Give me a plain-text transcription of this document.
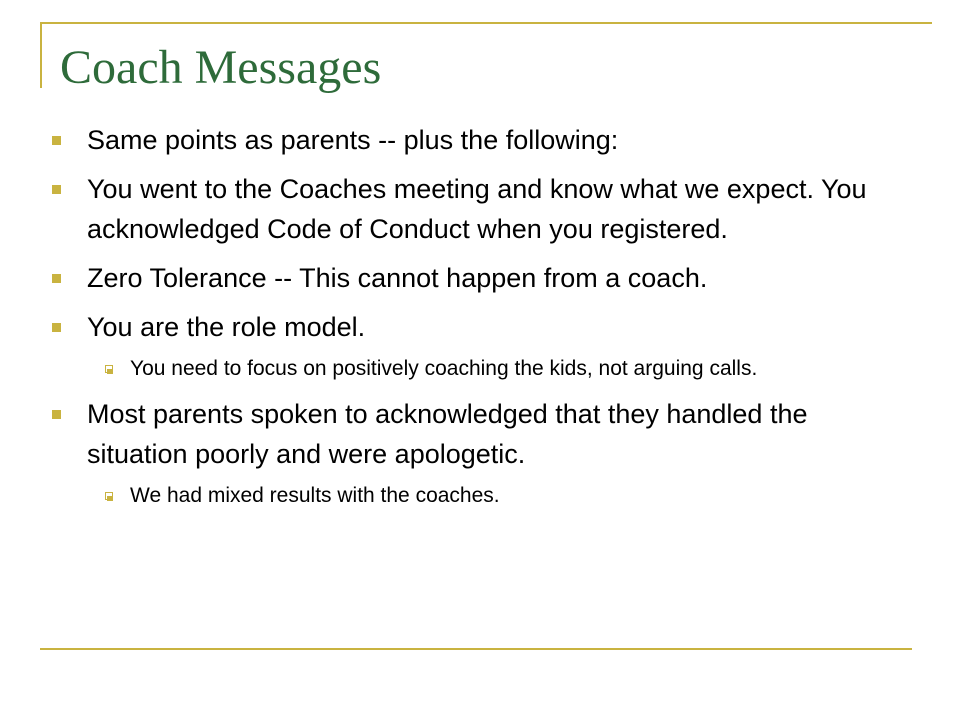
Coach Messages
Same points as parents -- plus the following:
You went to the Coaches meeting and know what we expect. You acknowledged Code of Conduct when you registered.
Zero Tolerance -- This cannot happen from a coach.
You are the role model.
You need to focus on positively coaching the kids, not arguing calls.
Most parents spoken to acknowledged that they handled the situation poorly and were apologetic.
We had mixed results with the coaches.
